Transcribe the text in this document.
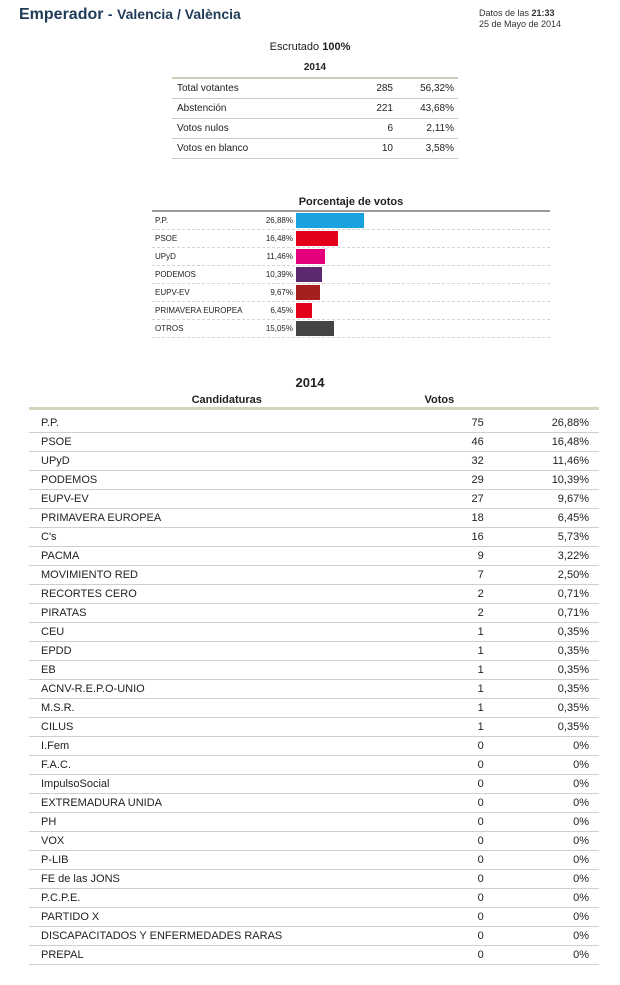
Emperador - Valencia / València	Datos de las 21:33
25 de Mayo de 2014
Escrutado 100%
2014		
Total votantes	285	56,32%
Abstención	221	43,68%
Votos nulos	6	2,11%
Votos en blanco	10	3,58%
Porcentaje de votos
P.P.	26,88%
PSOE	16,48%
UPyD	11,46%
PODEMOS	10,39%
EUPV-EV	9,67%
PRIMAVERA EUROPEA	6,45%
OTROS	15,05%
2014
Candidaturas	Votos	
P.P.	75	26,88%
PSOE	46	16,48%
UPyD	32	11,46%
PODEMOS	29	10,39%
EUPV-EV	27	9,67%
PRIMAVERA EUROPEA	18	6,45%
C's	16	5,73%
PACMA	9	3,22%
MOVIMIENTO RED	7	2,50%
RECORTES CERO	2	0,71%
PIRATAS	2	0,71%
CEU	1	0,35%
EPDD	1	0,35%
EB	1	0,35%
ACNV-R.E.P.O-UNIO	1	0,35%
M.S.R.	1	0,35%
CILUS	1	0,35%
I.Fem	0	0%
F.A.C.	0	0%
ImpulsoSocial	0	0%
EXTREMADURA UNIDA	0	0%
PH	0	0%
VOX	0	0%
P-LIB	0	0%
FE de las JONS	0	0%
P.C.P.E.	0	0%
PARTIDO X	0	0%
DISCAPACITADOS Y ENFERMEDADES RARAS	0	0%
PREPAL	0	0%
